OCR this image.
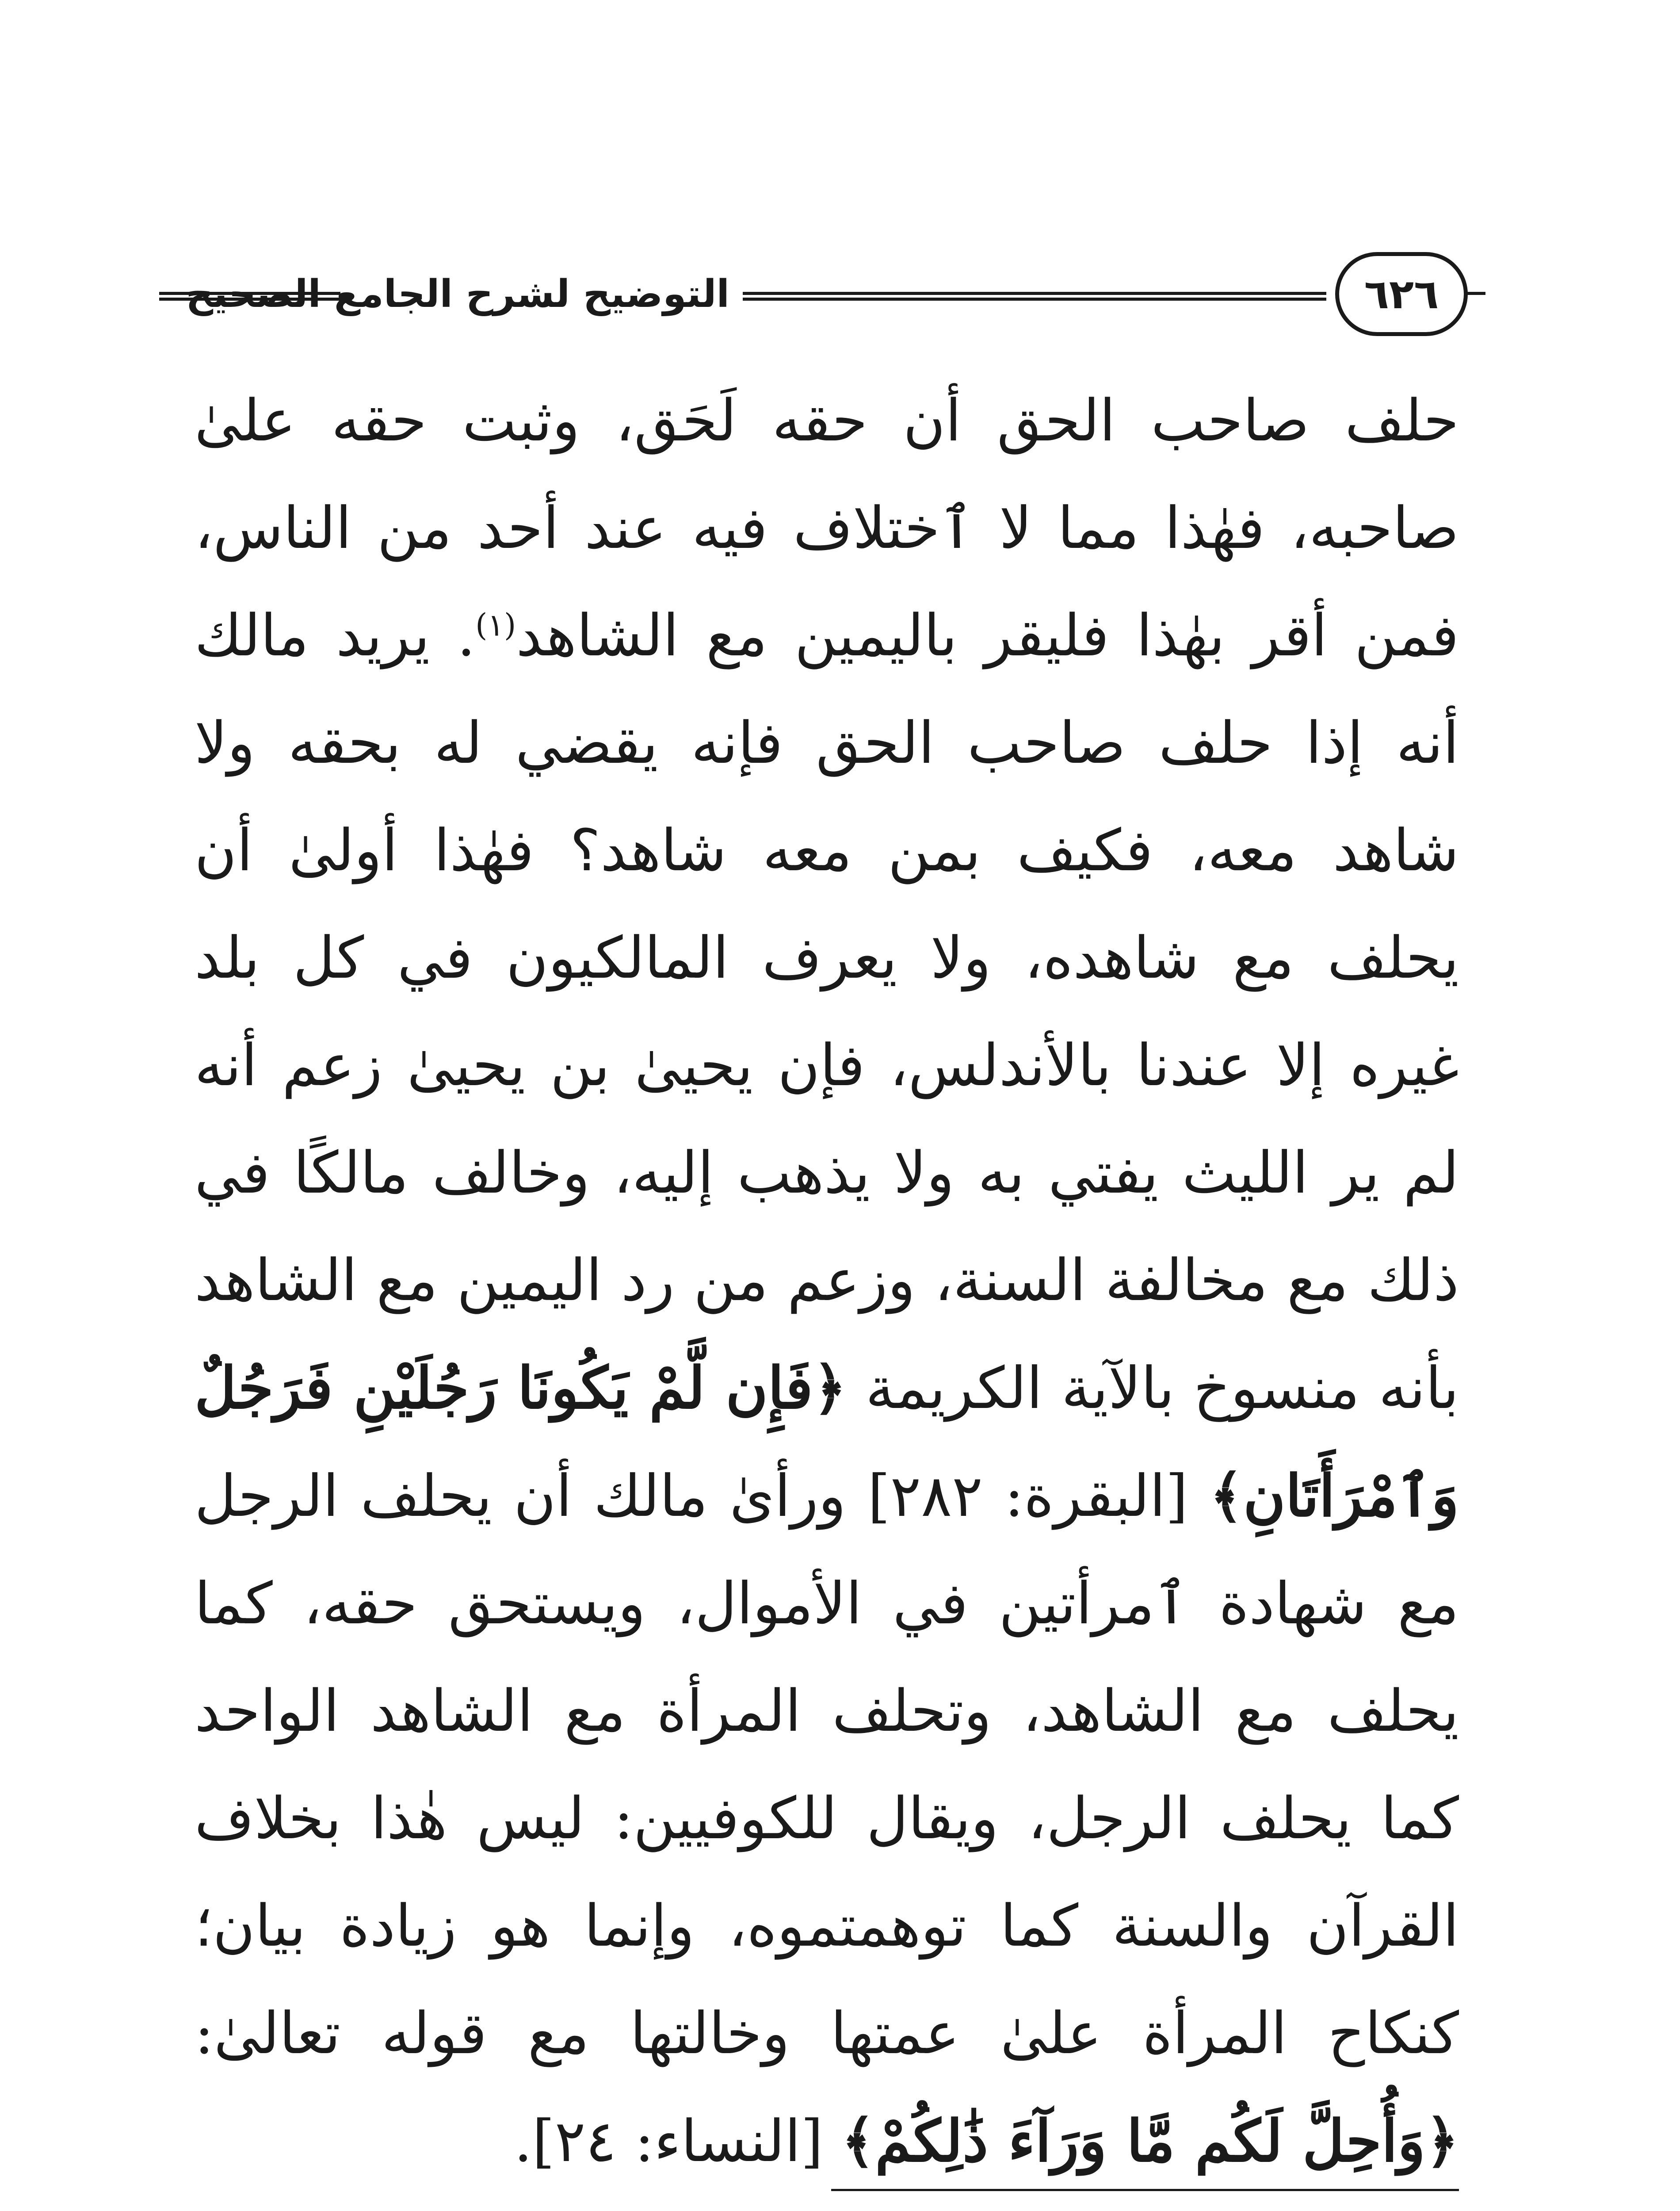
التوضيح لشرح الجامع الصحيح	٦٢٦

حلف صاحب الحق أن حقه لَحَق، وثبت حقه علىٰ صاحبه، فهٰذا مما لا ٱختلاف فيه عند أحد من الناس، فمن أقر بهٰذا فليقر باليمين مع الشاهد$^{(١)}$. يريد مالك أنه إذا حلف صاحب الحق فإنه يقضي له بحقه ولا شاهد معه، فكيف بمن معه شاهد؟ فهٰذا أولىٰ أن يحلف مع شاهده، ولا يعرف المالكيون في كل بلد غيره إلا عندنا بالأندلس، فإن يحيىٰ بن يحيىٰ زعم أنه لم ير الليث يفتي به ولا يذهب إليه، وخالف مالكًا في ذلك مع مخالفة السنة، وزعم من رد اليمين مع الشاهد بأنه منسوخ بالآية الكريمة ﴿فَإِن لَّمْ يَكُونَا رَجُلَيْنِ فَرَجُلٌ وَٱمْرَأَتَانِ﴾ [البقرة: ٢٨٢] ورأىٰ مالك أن يحلف الرجل مع شهادة ٱمرأتين في الأموال، ويستحق حقه، كما يحلف مع الشاهد، وتحلف المرأة مع الشاهد الواحد كما يحلف الرجل، ويقال للكوفيين: ليس هٰذا بخلاف القرآن والسنة كما توهمتموه، وإنما هو زيادة بيان؛ كنكاح المرأة علىٰ عمتها وخالتها مع قوله تعالىٰ: ﴿وَأُحِلَّ لَكُم مَّا وَرَآءَ ذَٰلِكُمْ﴾ [النساء: ٢٤].
